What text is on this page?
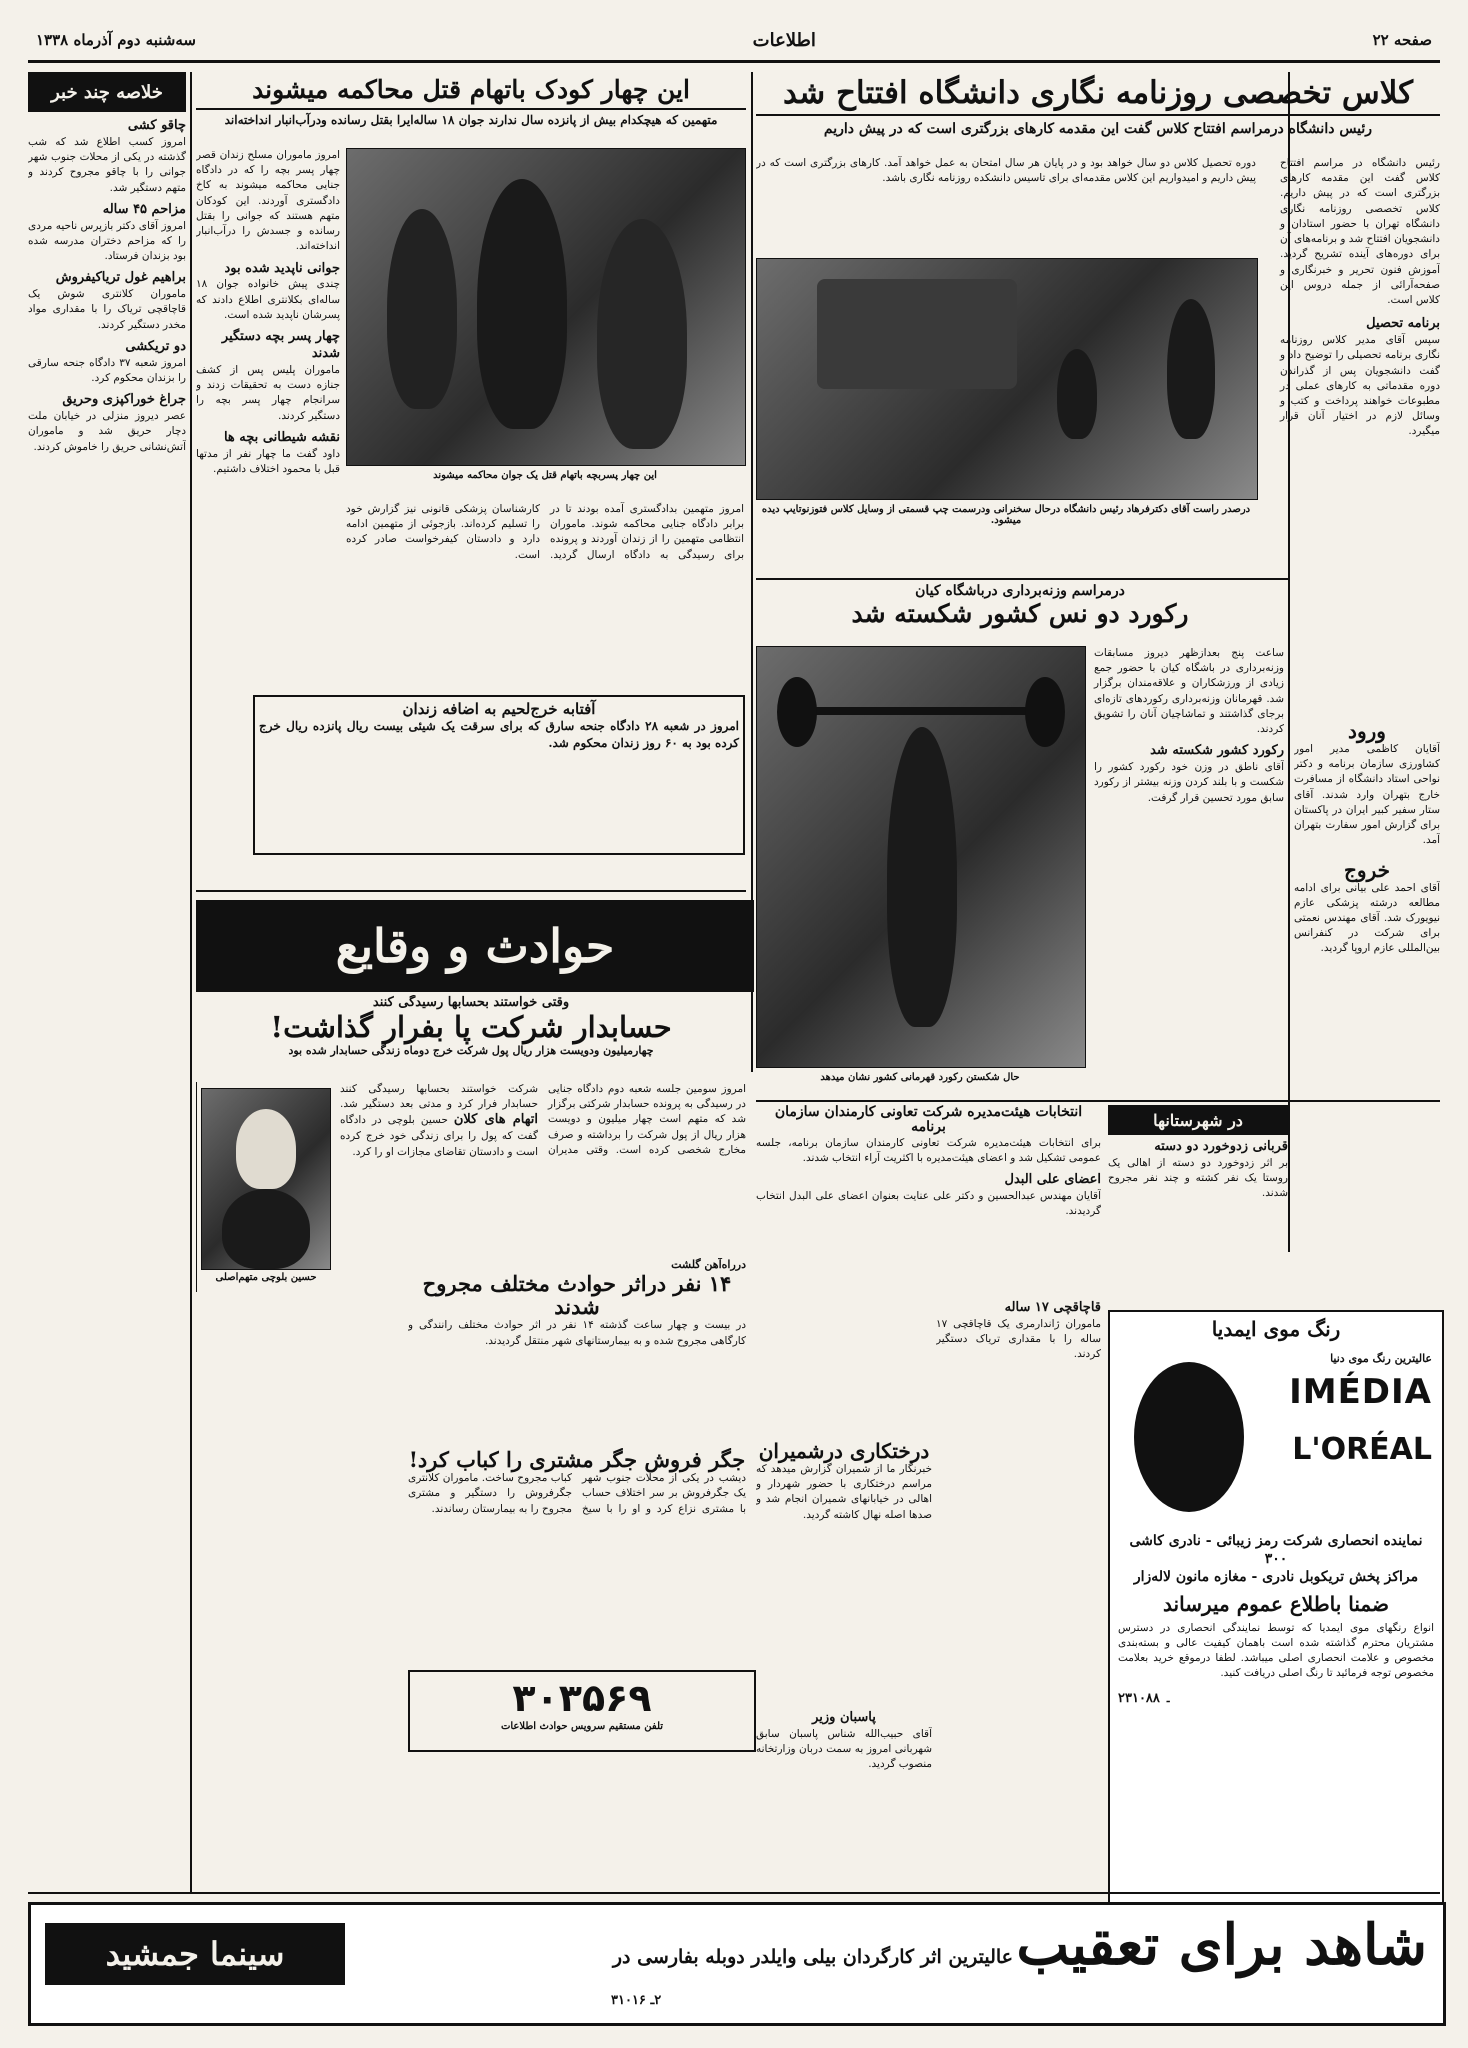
سه‌شنبه دوم آذرماه ۱۳۳۸	اطلاعات	صفحه ۲۲
کلاس تخصصی روزنامه نگاری دانشگاه افتتاح شد
رئیس دانشگاه درمراسم افتتاح کلاس گفت این مقدمه کارهای بزرگتری است که در پیش داریم
رئیس دانشگاه در مراسم افتتاح کلاس گفت این مقدمه کارهای بزرگتری است که در پیش داریم. کلاس تخصصی روزنامه نگاری دانشگاه تهران با حضور استادان و دانشجویان افتتاح شد و برنامه‌های آن برای دوره‌های آینده تشریح گردید. آموزش فنون تحریر و خبرنگاری و صفحه‌آرائی از جمله دروس این کلاس است.
برنامه تحصیل
سپس آقای مدیر کلاس روزنامه نگاری برنامه تحصیلی را توضیح داد و گفت دانشجویان پس از گذراندن دوره مقدماتی به کارهای عملی در مطبوعات خواهند پرداخت و کتب و وسائل لازم در اختیار آنان قرار میگیرد.
دوره تحصیل کلاس دو سال خواهد بود و در پایان هر سال امتحان به عمل خواهد آمد. کارهای بزرگتری است که در پیش داریم و امیدواریم این کلاس مقدمه‌ای برای تاسیس دانشکده روزنامه نگاری باشد.
درصدر راست آقای دکترفرهاد رئیس دانشگاه درحال سخنرانی ودرسمت چپ قسمتی از وسایل کلاس فتوزنوتایپ دیده میشود.
ورود
آقایان کاظمی مدیر امور کشاورزی سازمان برنامه و دکتر نواحی استاد دانشگاه از مسافرت خارج بتهران وارد شدند. آقای ستار سفیر کبیر ایران در پاکستان برای گزارش امور سفارت بتهران آمد.
خروج
آقای احمد علی بیانی برای ادامه مطالعه درشته پزشکی عازم نیویورک شد. آقای مهندس نعمتی برای شرکت در کنفرانس بین‌المللی عازم اروپا گردید.
رنگ موی ایمدیا
IMÉDIA
L'ORÉAL
عالیترین رنگ موی دنیا
نماینده انحصاری شرکت رمز زیبائی - نادری کاشی ۳۰۰
مراکز پخش تریکوبل نادری - مغازه مانون لاله‌زار
ضمنا باطلاع عموم میرساند
انواع رنگهای موی ایمدیا که توسط نمایندگی انحصاری در دسترس مشتریان محترم گذاشته شده است باهمان کیفیت عالی و بسته‌بندی مخصوص و علامت انحصاری اصلی میباشد. لطفا درموقع خرید بعلامت مخصوص توجه فرمائید تا رنگ اصلی دریافت کنید.
۲۔ ۳۱۰۸۸
این چهار کودک باتهام قتل محاکمه میشوند
متهمین که هیچکدام بیش از پانزده سال ندارند جوان ۱۸ ساله‌ایرا بقتل رسانده ودرآب‌انبار انداخته‌اند
این چهار پسربچه باتهام قتل یک جوان محاکمه میشوند
امروز ماموران مسلح زندان قصر چهار پسر بچه را که در دادگاه جنایی محاکمه میشوند به کاخ دادگستری آوردند. این کودکان متهم هستند که جوانی را بقتل رسانده و جسدش را درآب‌انبار انداخته‌اند.
جوانی ناپدید شده بود
چندی پیش خانواده جوان ۱۸ ساله‌ای بکلانتری اطلاع دادند که پسرشان ناپدید شده است.
چهار پسر بچه دستگیر شدند
ماموران پلیس پس از کشف جنازه دست به تحقیقات زدند و سرانجام چهار پسر بچه را دستگیر کردند.
نقشه شیطانی بچه ها
داود گفت ما چهار نفر از مدتها قبل با محمود اختلاف داشتیم.
امروز متهمین بدادگستری آمده بودند تا در برابر دادگاه جنایی محاکمه شوند. ماموران انتظامی متهمین را از زندان آوردند و پرونده برای رسیدگی به دادگاه ارسال گردید. کارشناسان پزشکی قانونی نیز گزارش خود را تسلیم کرده‌اند. بازجوئی از متهمین ادامه دارد و دادستان کیفرخواست صادر کرده است.
آفتابه خرج‌لحیم به اضافه زندان
امروز در شعبه ۲۸ دادگاه جنحه سارق که برای سرقت یک شیئی بیست ریال پانزده ریال خرج کرده بود به ۶۰ روز زندان محکوم شد.
خلاصه چند خبر
چاقو کشی
امروز کسب اطلاع شد که شب گذشته در یکی از محلات جنوب شهر جوانی را با چاقو مجروح کردند و متهم دستگیر شد.
مزاحم ۴۵ ساله
امروز آقای دکتر بازپرس ناحیه مردی را که مزاحم دختران مدرسه شده بود بزندان فرستاد.
براهیم غول ترياکيفروش
ماموران کلانتری شوش یک قاچاقچی تریاک را با مقداری مواد مخدر دستگیر کردند.
دو تریکشی
امروز شعبه ۳۷ دادگاه جنحه سارقی را بزندان محکوم کرد.
جراغ خوراکپزی وحریق
عصر دیروز منزلی در خیابان ملت دچار حریق شد و ماموران آتش‌نشانی حریق را خاموش کردند.
حوادث و وقایع
درمراسم وزنه‌برداری درباشگاه کیان
رکورد دو نس کشور شکسته شد
حال شکستن رکورد قهرمانی کشور نشان میدهد
ساعت پنج بعدازظهر دیروز مسابقات وزنه‌برداری در باشگاه کیان با حضور جمع زیادی از ورزشکاران و علاقه‌مندان برگزار شد. قهرمانان وزنه‌برداری رکوردهای تازه‌ای برجای گذاشتند و تماشاچیان آنان را تشویق کردند.
رکورد کشور شکسته شد
آقای ناطق در وزن خود رکورد کشور را شکست و با بلند کردن وزنه بیشتر از رکورد سابق مورد تحسین قرار گرفت.
وقتی خواستند بحسابها رسیدگی کنند
حسابدار شرکت پا بفرار گذاشت!
چهارمیلیون ودویست هزار ریال پول شرکت خرج دوماه زندگی حسابدار شده بود
حسین بلوچی متهم‌اصلی
امروز سومین جلسه شعبه دوم دادگاه جنایی در رسیدگی به پرونده حسابدار شرکتی برگزار شد که متهم است چهار میلیون و دویست هزار ریال از پول شرکت را برداشته و صرف مخارج شخصی کرده است. وقتی مدیران شرکت خواستند بحسابها رسیدگی کنند حسابدار فرار کرد و مدتی بعد دستگیر شد. اتهام های کلان حسین بلوچی در دادگاه گفت که پول را برای زندگی خود خرج کرده است و دادستان تقاضای مجازات او را کرد.
انتخابات هیئت‌مدیره شرکت تعاونی کارمندان سازمان برنامه
برای انتخابات هیئت‌مدیره شرکت تعاونی کارمندان سازمان برنامه، جلسه عمومی تشکیل شد و اعضای هیئت‌مدیره با اکثریت آراء انتخاب شدند.
اعضای علی البدل
آقایان مهندس عبدالحسین و دکتر علی عنایت بعنوان اعضای علی البدل انتخاب گردیدند.
در شهرستانها
قربانی زدوخورد دو دسته
بر اثر زدوخورد دو دسته از اهالی یک روستا یک نفر کشته و چند نفر مجروح شدند.
قاچاقچی ۱۷ ساله
ماموران ژاندارمری یک قاچاقچی ۱۷ ساله را با مقداری تریاک دستگیر کردند.
درراه‌آهن گلشت
۱۴ نفر دراثر حوادث مختلف مجروح شدند
در بیست و چهار ساعت گذشته ۱۴ نفر در اثر حوادث مختلف رانندگی و کارگاهی مجروح شده و به بیمارستانهای شهر منتقل گردیدند.
جگر فروش جگر مشتری را کباب کرد!
دیشب در یکی از محلات جنوب شهر یک جگرفروش بر سر اختلاف حساب با مشتری نزاع کرد و او را با سیخ کباب مجروح ساخت. ماموران کلانتری جگرفروش را دستگیر و مشتری مجروح را به بیمارستان رساندند.
درختکاری درشمیران
خبرنگار ما از شمیران گزارش میدهد که مراسم درختکاری با حضور شهردار و اهالی در خیابانهای شمیران انجام شد و صدها اصله نهال کاشته گردید.
۳۰۳۵۶۹
تلفن مستقیم سرویس حوادث اطلاعات
پاسبان وزیر
آقای حبیب‌الله شناس پاسبان سابق شهربانی امروز به سمت دربان وزارتخانه منصوب گردید.
شاهد برای تعقیب
عالیترین اثر کارگردان بیلی وایلدر دوبله بفارسی در
سینما جمشید
۲ـ ۳۱۰۱۶
